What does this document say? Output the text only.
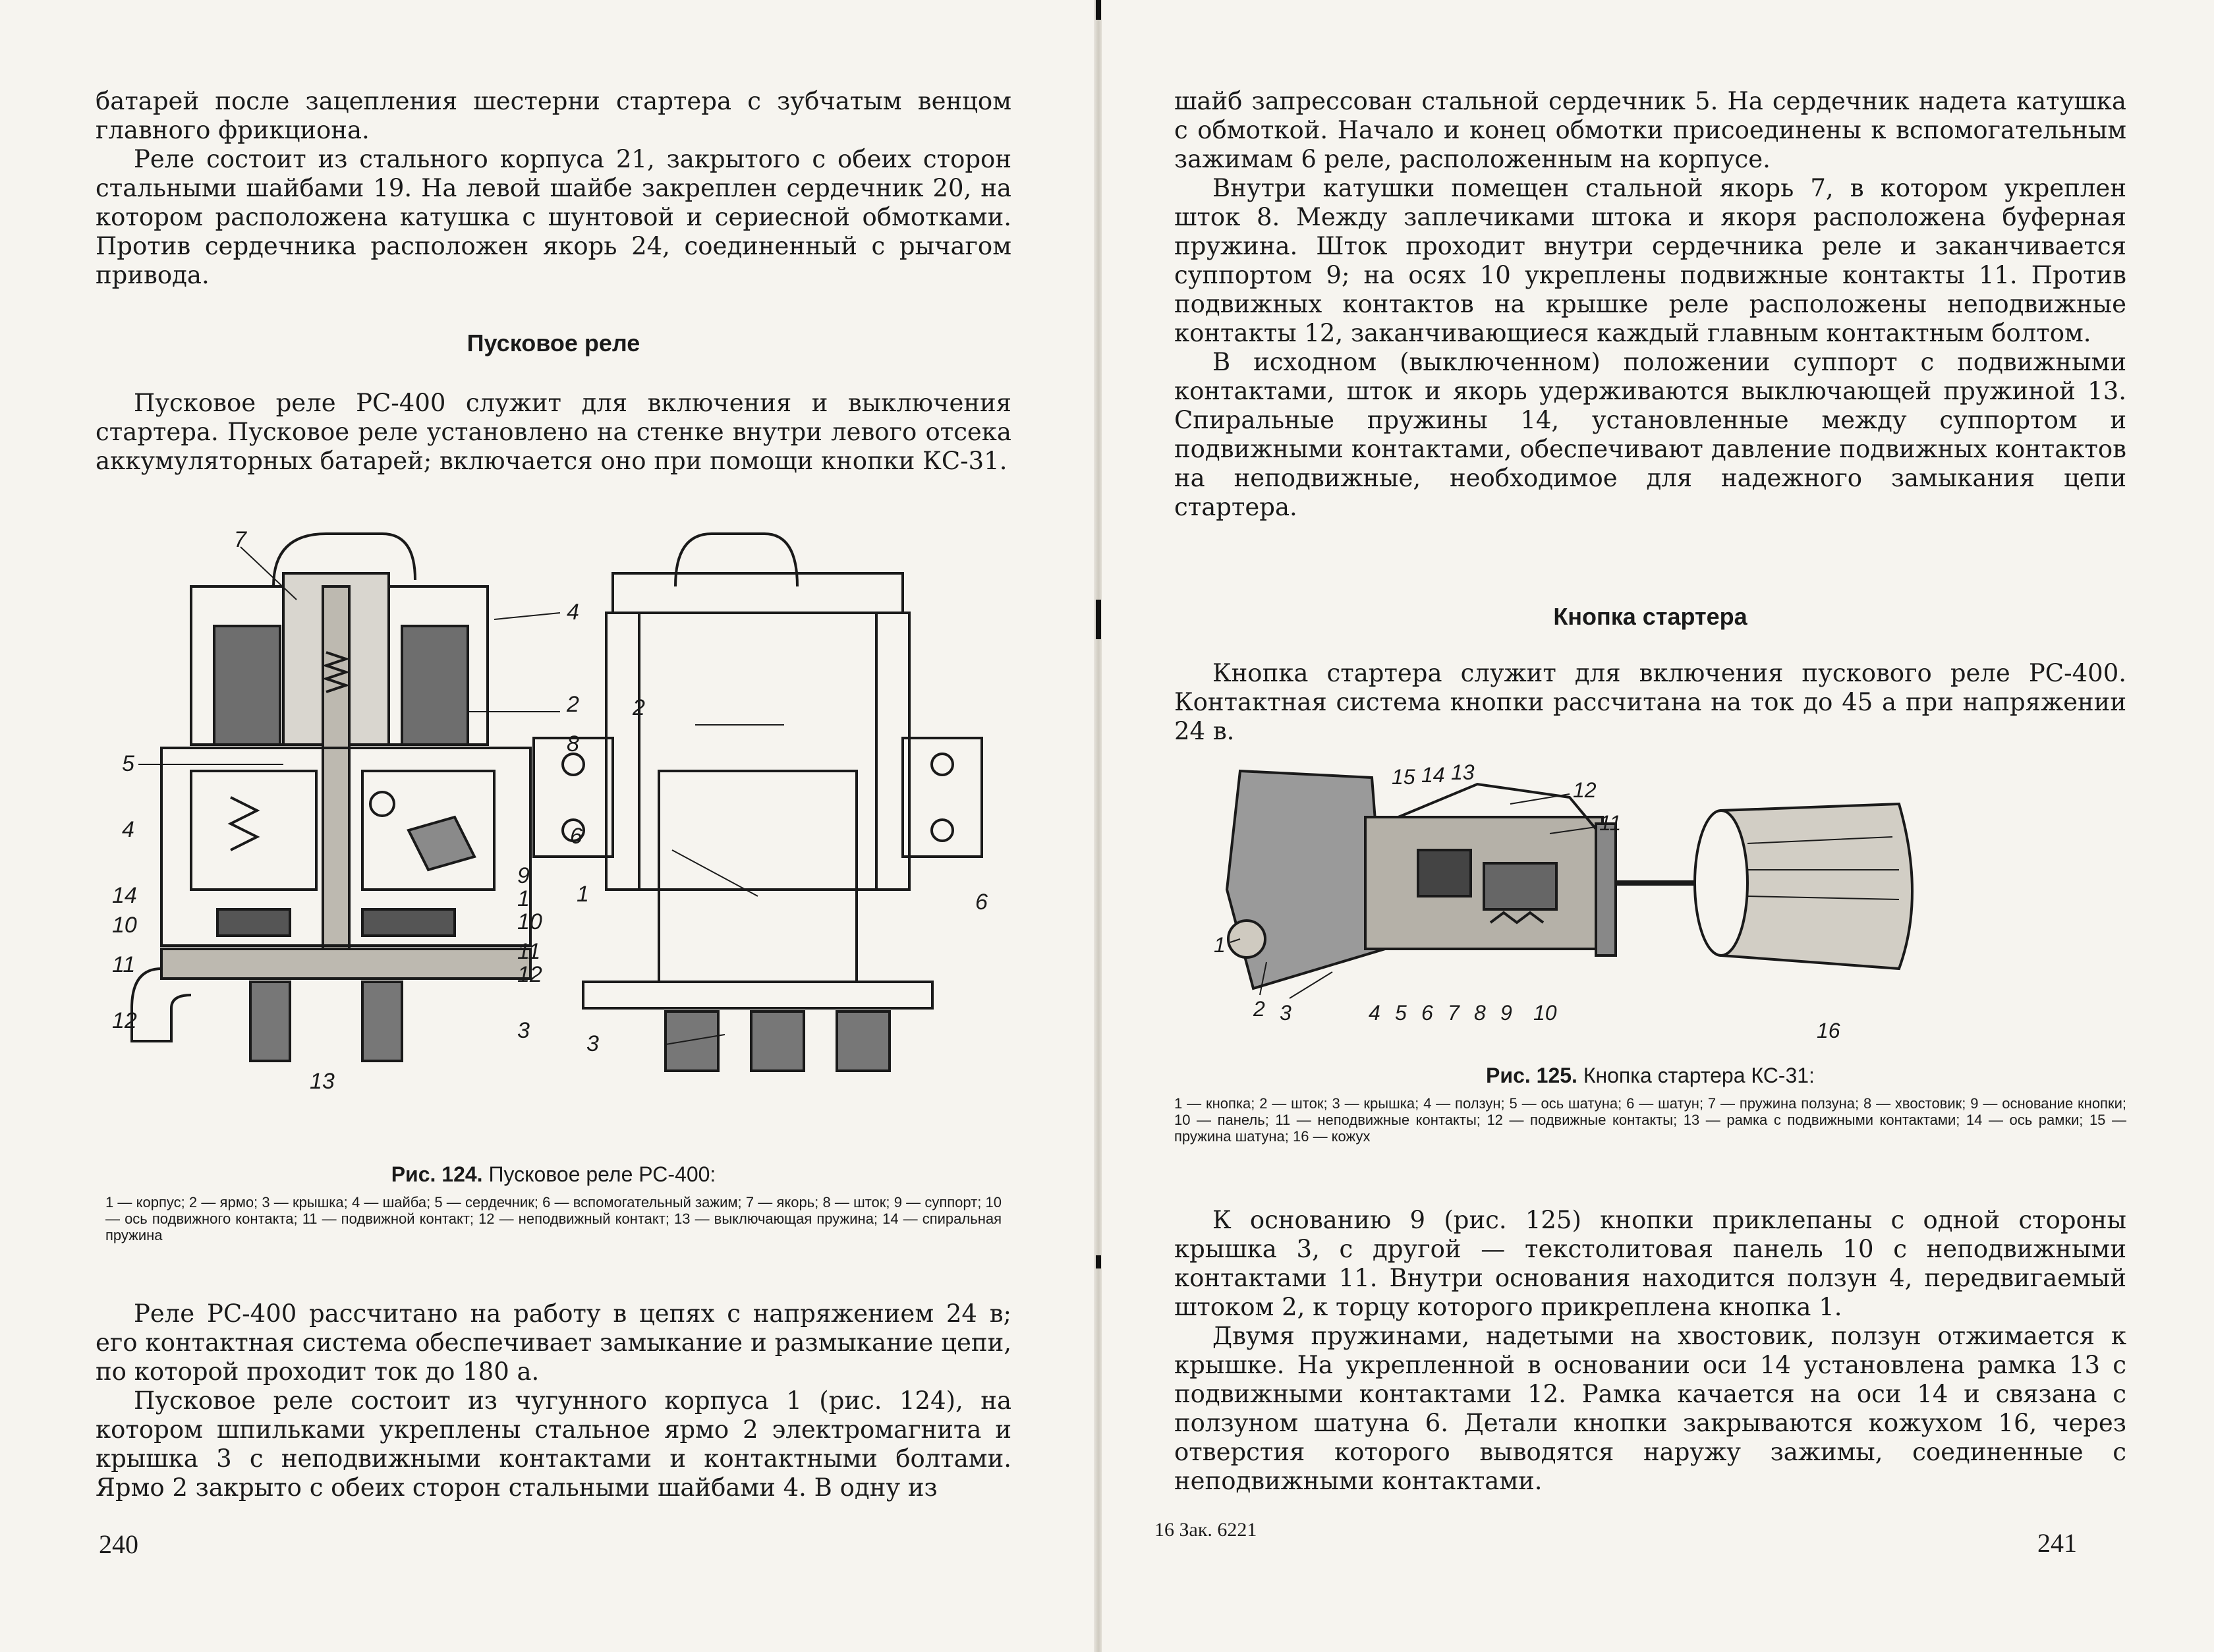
батарей после зацепления шестерни стартера с зубчатым венцом главного фрикциона.

Реле состоит из стального корпуса 21, закрытого с обеих сторон стальными шайбами 19. На левой шайбе закреплен сердечник 20, на котором расположена катушка с шунтовой и сериесной обмотками. Против сердечника расположен якорь 24, соединенный с рычагом привода.

Пусковое реле

Пусковое реле РС-400 служит для включения и выключения стартера. Пусковое реле установлено на стенке внутри левого отсека аккумуляторных батарей; включается оно при помощи кнопки КС-31.

7
4
2
8
5
4
9
1
14
10	10
11
11
12
12	3
13
2
6
6
1
3

Рис. 124. Пусковое реле РС-400:

1 — корпус; 2 — ярмо; 3 — крышка; 4 — шайба; 5 — сердечник; 6 — вспомогательный зажим; 7 — якорь; 8 — шток; 9 — суппорт; 10 — ось подвижного контакта; 11 — подвижной контакт; 12 — неподвижный контакт; 13 — выключающая пружина; 14 — спиральная пружина

Реле РС-400 рассчитано на работу в цепях с напряжением 24 в; его контактная система обеспечивает замыкание и размыкание цепи, по которой проходит ток до 180 а.

Пусковое реле состоит из чугунного корпуса 1 (рис. 124), на котором шпильками укреплены стальное ярмо 2 электромагнита и крышка 3 с неподвижными контактами и контактными болтами. Ярмо 2 закрыто с обеих сторон стальными шайбами 4. В одну из

240

шайб запрессован стальной сердечник 5. На сердечник надета катушка с обмоткой. Начало и конец обмотки присоединены к вспомогательным зажимам 6 реле, расположенным на корпусе.

Внутри катушки помещен стальной якорь 7, в котором укреплен шток 8. Между заплечиками штока и якоря расположена буферная пружина. Шток проходит внутри сердечника реле и заканчивается суппортом 9; на осях 10 укреплены подвижные контакты 11. Против подвижных контактов на крышке реле расположены неподвижные контакты 12, заканчивающиеся каждый главным контактным болтом.

В исходном (выключенном) положении суппорт с подвижными контактами, шток и якорь удерживаются выключающей пружиной 13. Спиральные пружины 14, установленные между суппортом и подвижными контактами, обеспечивают давление подвижных контактов на неподвижные, необходимое для надежного замыкания цепи стартера.

Кнопка стартера

Кнопка стартера служит для включения пускового реле РС-400. Контактная система кнопки рассчитана на ток до 45 а при напряжении 24 в.

15 14 13
12
11
1
2 3	4 5 6 7 8 9 10
16

Рис. 125. Кнопка стартера КС-31:

1 — кнопка; 2 — шток; 3 — крышка; 4 — ползун; 5 — ось шатуна; 6 — шатун; 7 — пружина ползуна; 8 — хвостовик; 9 — основание кнопки; 10 — панель; 11 — неподвижные контакты; 12 — подвижные контакты; 13 — рамка с подвижными контактами; 14 — ось рамки; 15 — пружина шатуна; 16 — кожух

К основанию 9 (рис. 125) кнопки приклепаны с одной стороны крышка 3, с другой — текстолитовая панель 10 с неподвижными контактами 11. Внутри основания находится ползун 4, передвигаемый штоком 2, к торцу которого прикреплена кнопка 1.

Двумя пружинами, надетыми на хвостовик, ползун отжимается к крышке. На укрепленной в основании оси 14 установлена рамка 13 с подвижными контактами 12. Рамка качается на оси 14 и связана с ползуном шатуна 6. Детали кнопки закрываются кожухом 16, через отверстия которого выводятся наружу зажимы, соединенные с неподвижными контактами.

16 Зак. 6221	241
